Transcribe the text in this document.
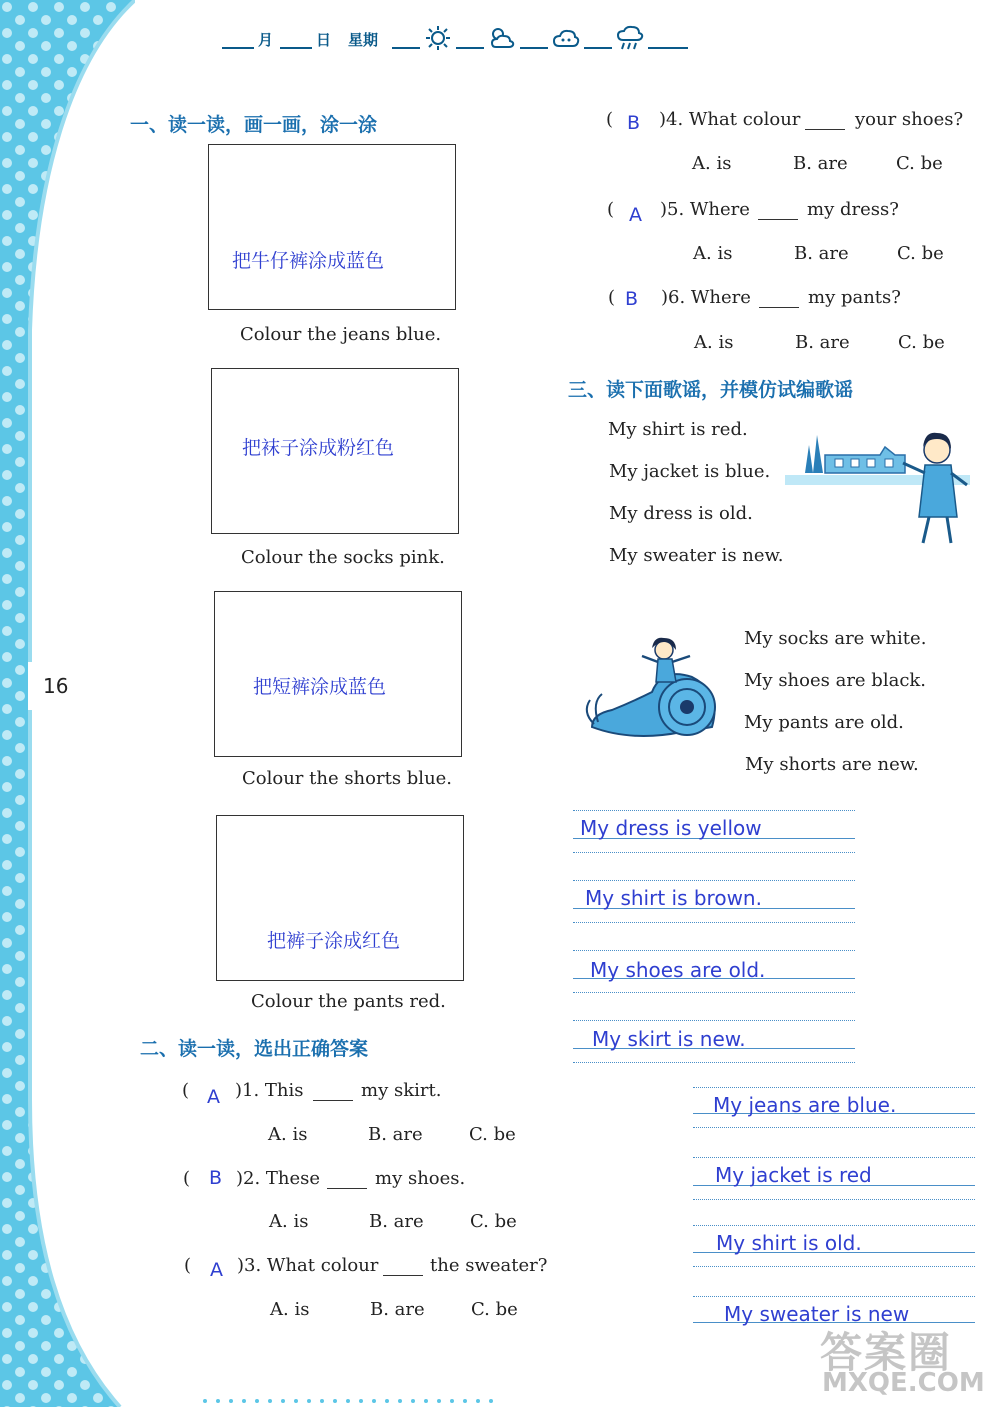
16
月	日 星期
一、读一读，画一画，涂一涂
把牛仔裤涂成蓝色
Colour the jeans blue.
把袜子涂成粉红色
Colour the socks pink.
把短裤涂成蓝色
Colour the shorts blue.
把裤子涂成红色
Colour the pants red.
二、读一读，选出正确答案
( A )1. This	my skirt.
A. is	B. are	C. be
( B )2. These	my shoes.
A. is	B. are	C. be
( A )3. What colour	the sweater?
A. is	B. are	C. be
( B )4. What colour	your shoes?
A. is	B. are	C. be
( A )5. Where	my dress?
A. is	B. are	C. be
( B )6. Where	my pants?
A. is	B. are	C. be
三、读下面歌谣，并模仿试编歌谣
My shirt is red.
My jacket is blue.
My dress is old.
My sweater is new.
My socks are white.
My shoes are black.
My pants are old.
My shorts are new.
My dress is yellow
My shirt is brown.
My shoes are old.
My skirt is new.
My jeans are blue.
My jacket is red
My shirt is old.
My sweater is new
答案圈
MXQE.COM
